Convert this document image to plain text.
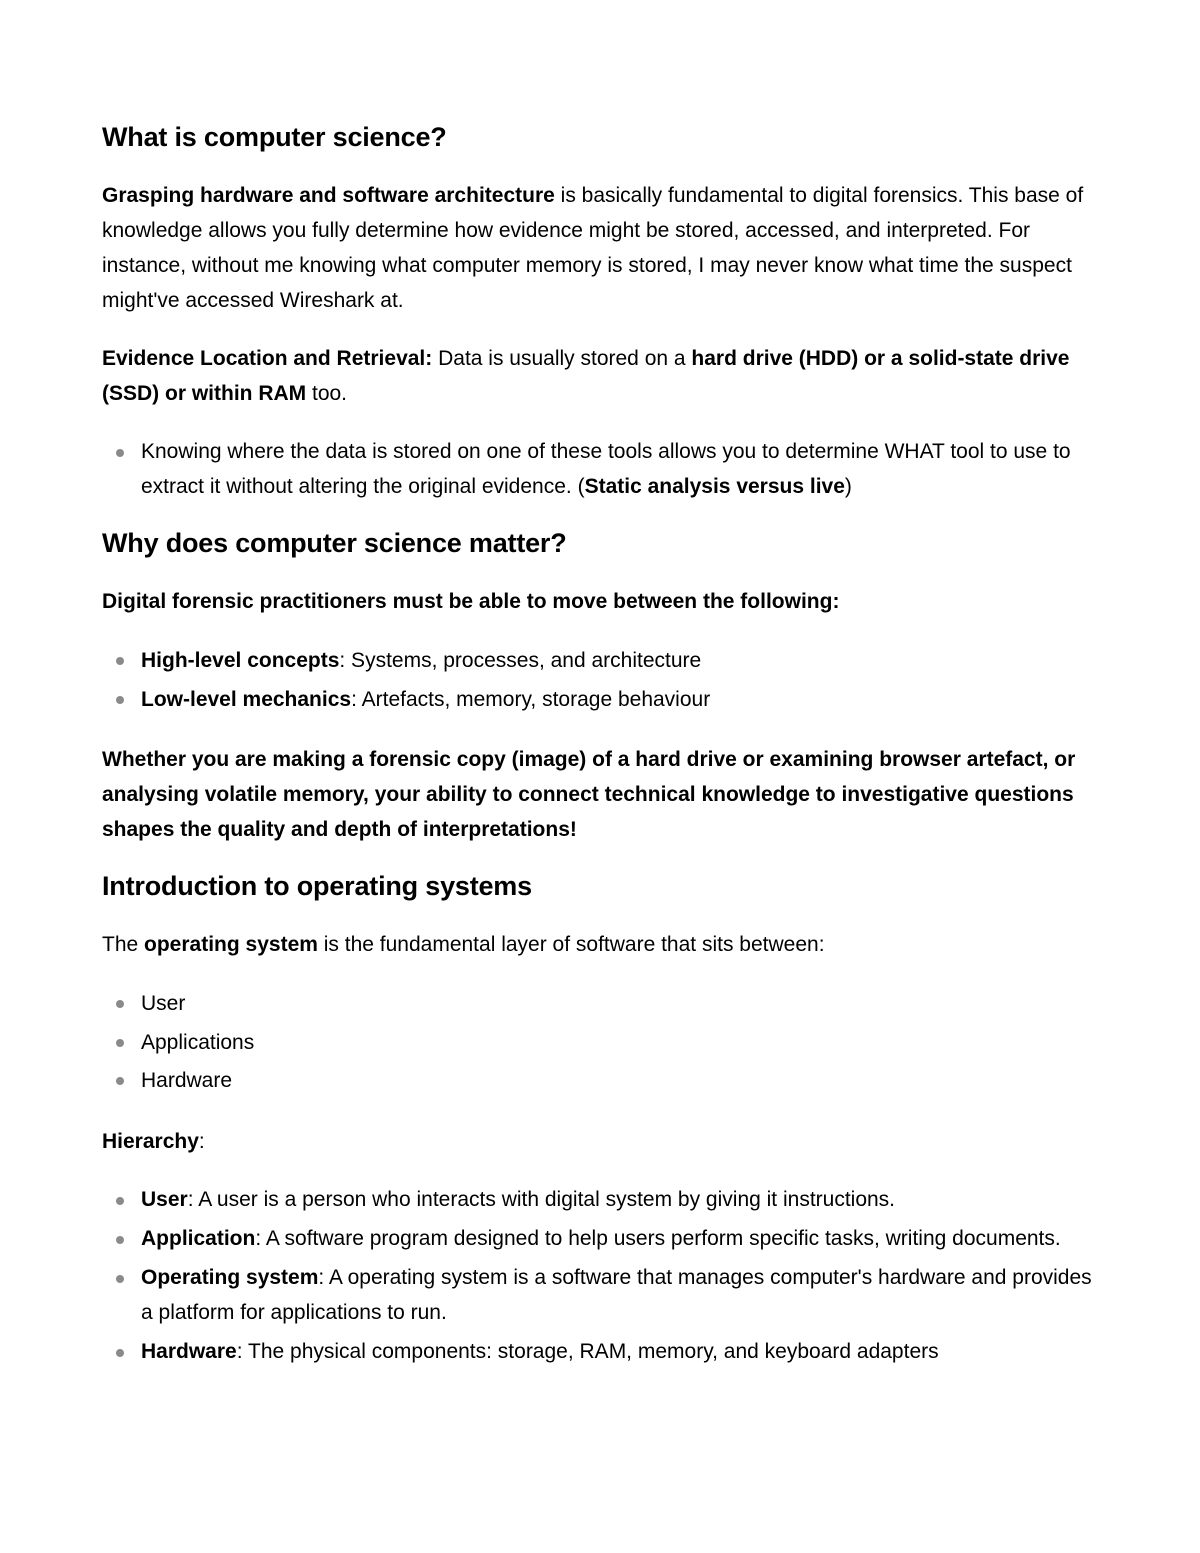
What is computer science?

Grasping hardware and software architecture is basically fundamental to digital forensics. This base of knowledge allows you fully determine how evidence might be stored, accessed, and interpreted. For instance, without me knowing what computer memory is stored, I may never know what time the suspect might've accessed Wireshark at.

Evidence Location and Retrieval: Data is usually stored on a hard drive (HDD) or a solid-state drive (SSD) or within RAM too.

Knowing where the data is stored on one of these tools allows you to determine WHAT tool to use to extract it without altering the original evidence. (Static analysis versus live)
Why does computer science matter?

Digital forensic practitioners must be able to move between the following:

High-level concepts: Systems, processes, and architecture
Low-level mechanics: Artefacts, memory, storage behaviour

Whether you are making a forensic copy (image) of a hard drive or examining browser artefact, or analysing volatile memory, your ability to connect technical knowledge to investigative questions shapes the quality and depth of interpretations!

Introduction to operating systems

The operating system is the fundamental layer of software that sits between:

User
Applications
Hardware

Hierarchy:

User: A user is a person who interacts with digital system by giving it instructions.
Application: A software program designed to help users perform specific tasks, writing documents.
Operating system: A operating system is a software that manages computer's hardware and provides a platform for applications to run.
Hardware: The physical components: storage, RAM, memory, and keyboard adapters
